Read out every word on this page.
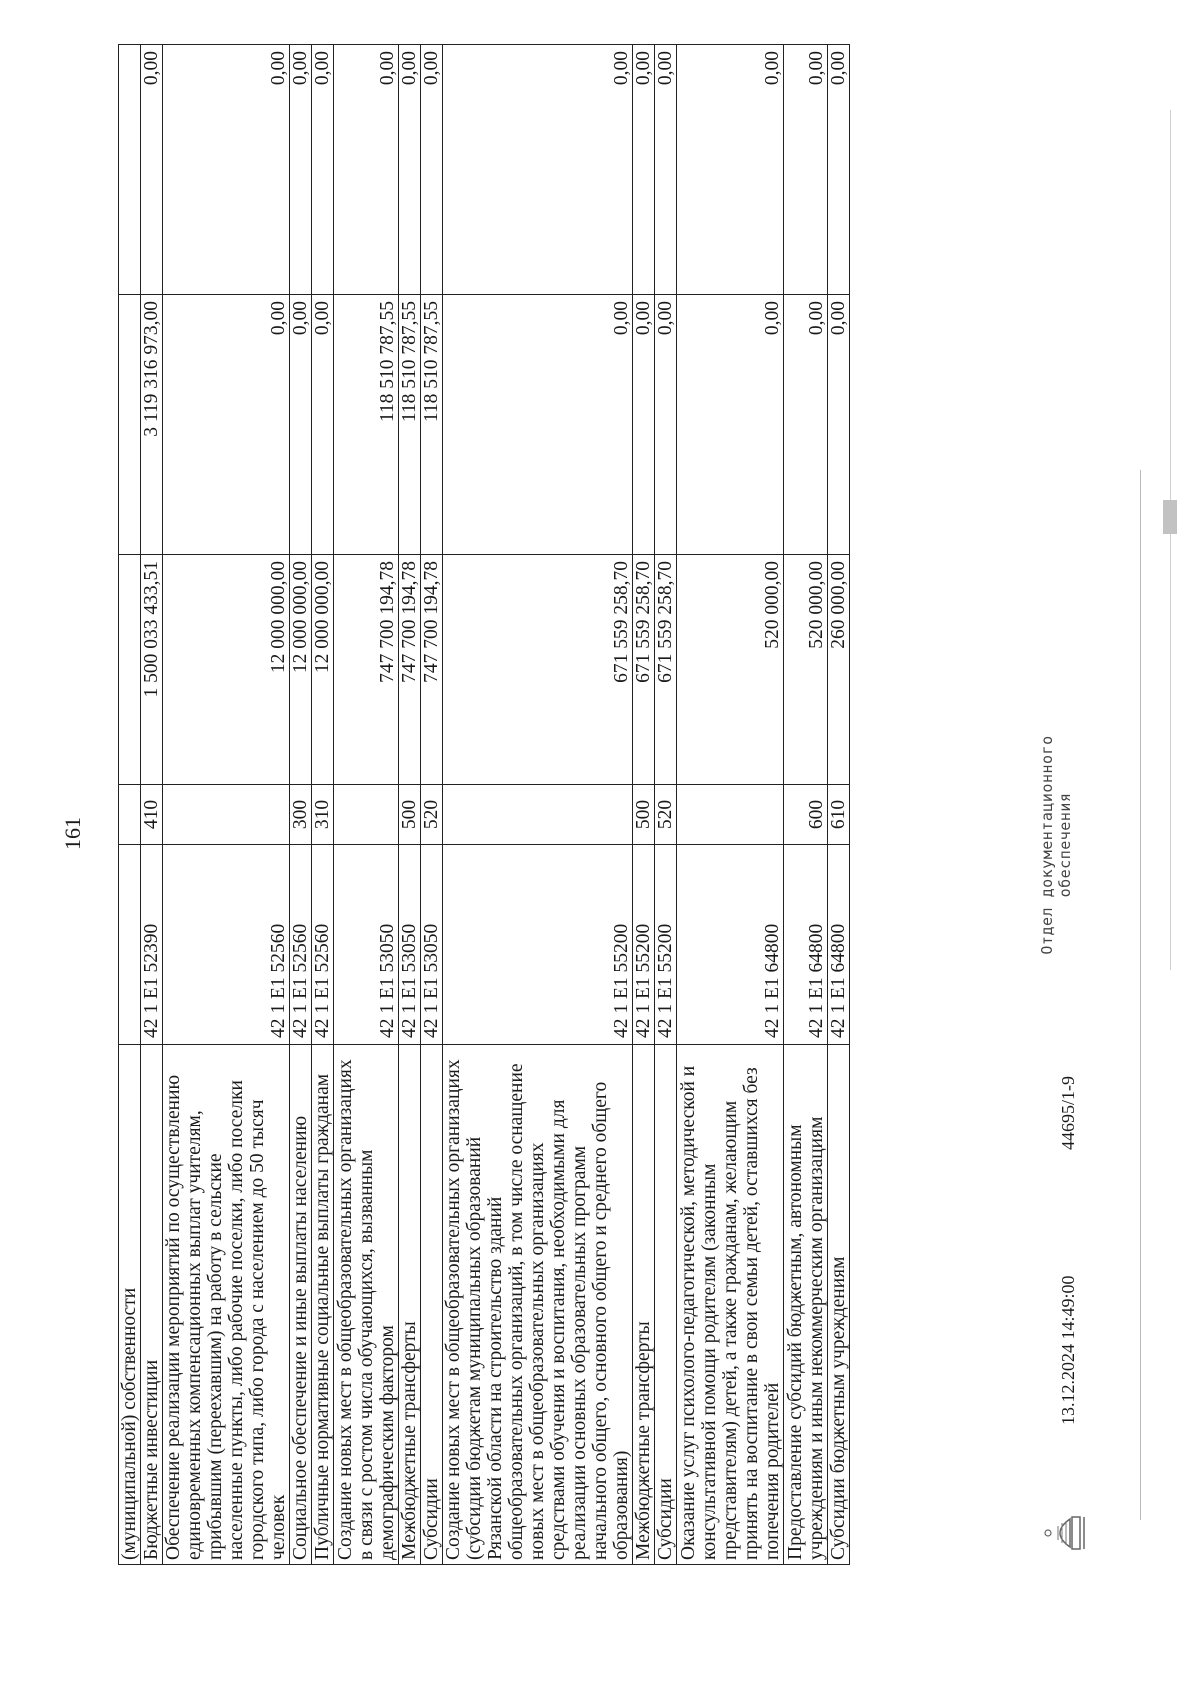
161
(муниципальной) собственности					
Бюджетные инвестиции	42 1 E1 52390	410	1 500 033 433,51	3 119 316 973,00	0,00
Обеспечение реализации мероприятий по осуществлению единовременных компенсационных выплат учителям, прибывшим (переехавшим) на работу в сельские населенные пункты, либо рабочие поселки, либо поселки городского типа, либо города с населением до 50 тысяч человек	42 1 E1 52560		12 000 000,00	0,00	0,00
Социальное обеспечение и иные выплаты населению	42 1 E1 52560	300	12 000 000,00	0,00	0,00
Публичные нормативные социальные выплаты гражданам	42 1 E1 52560	310	12 000 000,00	0,00	0,00
Создание новых мест в общеобразовательных организациях в связи с ростом числа обучающихся, вызванным демографическим фактором	42 1 E1 53050		747 700 194,78	118 510 787,55	0,00
Межбюджетные трансферты	42 1 E1 53050	500	747 700 194,78	118 510 787,55	0,00
Субсидии	42 1 E1 53050	520	747 700 194,78	118 510 787,55	0,00
Создание новых мест в общеобразовательных организациях (субсидии бюджетам муниципальных образований Рязанской области на строительство зданий общеобразовательных организаций, в том числе оснащение новых мест в общеобразовательных организациях средствами обучения и воспитания, необходимыми для реализации основных образовательных программ начального общего, основного общего и среднего общего образования)	42 1 E1 55200		671 559 258,70	0,00	0,00
Межбюджетные трансферты	42 1 E1 55200	500	671 559 258,70	0,00	0,00
Субсидии	42 1 E1 55200	520	671 559 258,70	0,00	0,00
Оказание услуг психолого-педагогической, методической и консультативной помощи родителям (законным представителям) детей, а также гражданам, желающим принять на воспитание в свои семьи детей, оставшихся без попечения родителей	42 1 E1 64800		520 000,00	0,00	0,00
Предоставление субсидий бюджетным, автономным учреждениям и иным некоммерческим организациям	42 1 E1 64800	600	520 000,00	0,00	0,00
Субсидии бюджетным учреждениям	42 1 E1 64800	610	260 000,00	0,00	0,00
13.12.2024 14:49:00
44695/1-9
Отдел документационного обеспечения
